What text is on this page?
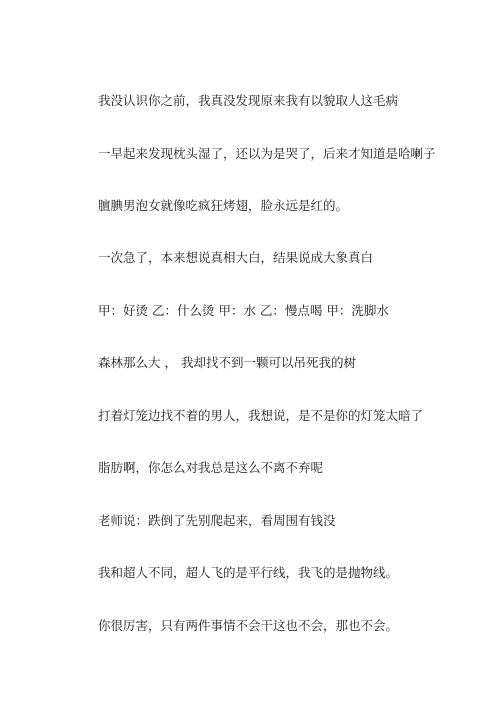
我没认识你之前，我真没发现原来我有以貌取人这毛病
一早起来发现枕头湿了，还以为是哭了，后来才知道是哈喇子
膻腆男泡女就像吃疯狂烤翅，脸永远是红的。
一次急了，本来想说真相大白，结果说成大象真白
甲：好烫 乙：什么烫 甲：水 乙：慢点喝 甲：洗脚水
森林那么大 ， 我却找不到一颗可以吊死我的树
打着灯笼边找不着的男人，我想说，是不是你的灯笼太暗了
脂肪啊，你怎么对我总是这么不离不弃呢
老师说：跌倒了先别爬起来，看周围有钱没
我和超人不同，超人飞的是平行线，我飞的是抛物线。
你很厉害，只有两件事情不会干这也不会，那也不会。
